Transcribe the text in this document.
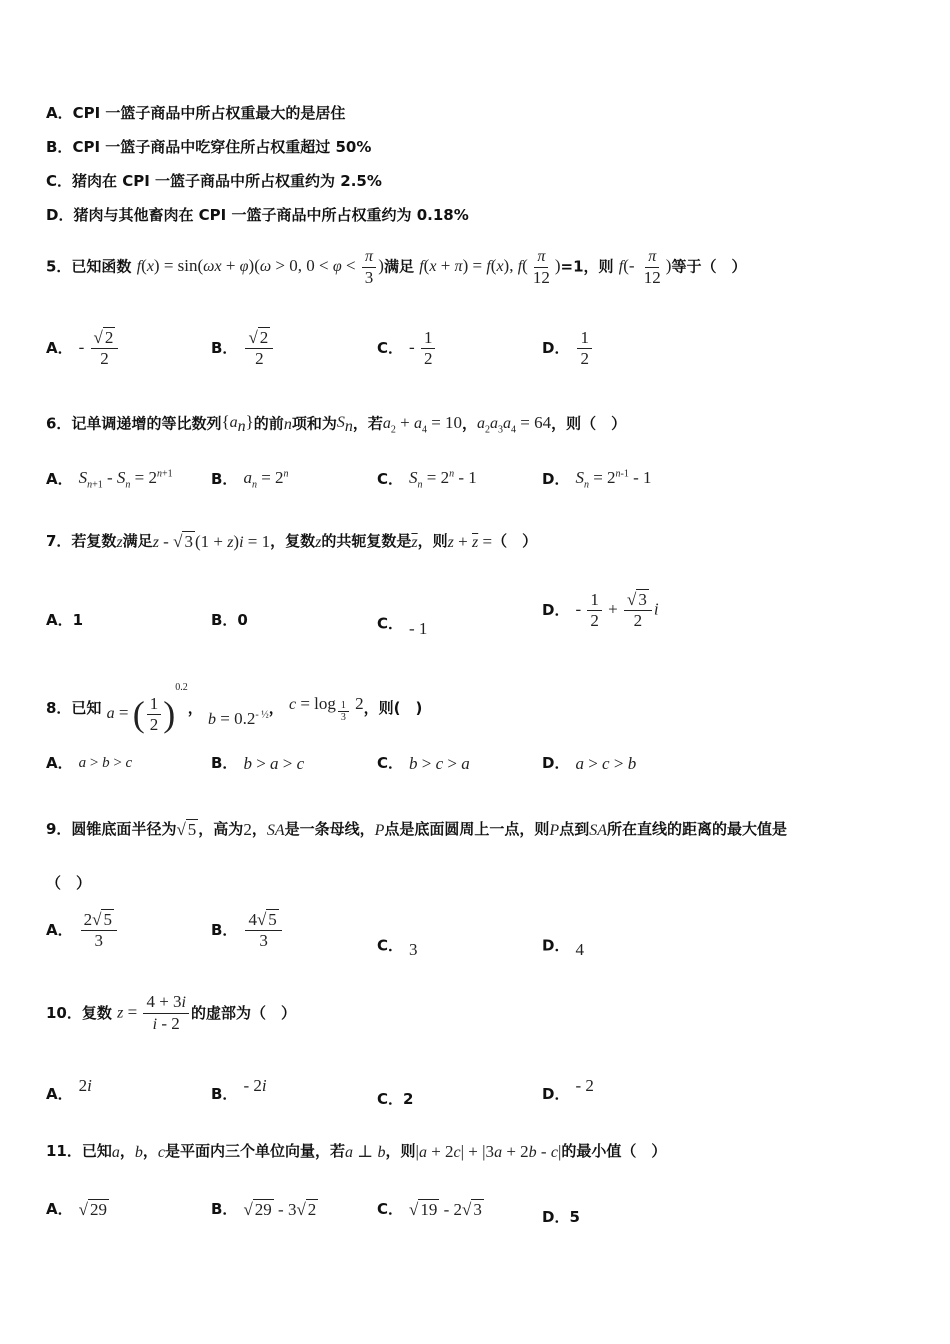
A．CPI 一篮子商品中所占权重最大的是居住
B．CPI 一篮子商品中吃穿住所占权重超过 50%
C．猪肉在 CPI 一篮子商品中所占权重约为 2.5%
D．猪肉与其他畜肉在 CPI 一篮子商品中所占权重约为 0.18%
5．已知函数 f(x) = sin(ωx + φ)(ω > 0, $0 < \varphi < \frac{\pi}{3}$ )满足 f(x + π) = f(x), $f( \frac{\pi}{12} )=1$，则 $f(- \frac{\pi}{12}$ )等于（　）
A． - $\frac{√ 2}{2}$	B． $\frac{√ 2}{2}$	C． - $\frac{1}{2}$	D． $\frac{1}{2}$
6．记单调递增的等比数列$\{a_n\}$的前n项和为$S_n$，若$a_2 + a_4 = 10$，$a_2a_3a_4 = 64$，则（　）
A． $S_{n+1} - S_n = 2^{n+1}$	B． $a_n = 2^n$	C． $S_n = 2^n - 1$	D． $S_n = 2^{n-1} - 1$
7．若复数z满足z - √ 3 (1 + z)i = 1，复数z的共轭复数是$\overline{z}$，则$z + \overline{z}$ =（　）
A．1	B．0	C． - 1
D． - $\frac{1}{2} + \frac{√ 3}{2}$ i
8．已知 a = ( $\frac{1}{2} )^{0.2}$， $b = 0.2^{- \frac{1}{2}}$， c = log $_{\frac{1}{3}}$ 2，则(　)
A． a > b > c	B． b > a > c	C． b > c > a	D． a > c > b
9．圆锥底面半径为√ 5 ，高为2，SA是一条母线，P点是底面圆周上一点，则P点到SA所在直线的距离的最大值是
（　）
A． $\frac{2√ 5}{3}$	B． $\frac{4√ 5}{3}$	C． 3	D． 4
10．复数 $z = \frac{4 + 3i}{i - 2}$ 的虚部为（　）
A． 2i	B． - 2i
C．2	D． - 2
11．已知a，b，c是平面内三个单位向量，若a ⊥ b，则|a + 2c| + |3a + 2b - c|的最小值（　）
A． √ 29	B． √ 29 - 3√ 2	C． √ 19 - 2√ 3	D．5
